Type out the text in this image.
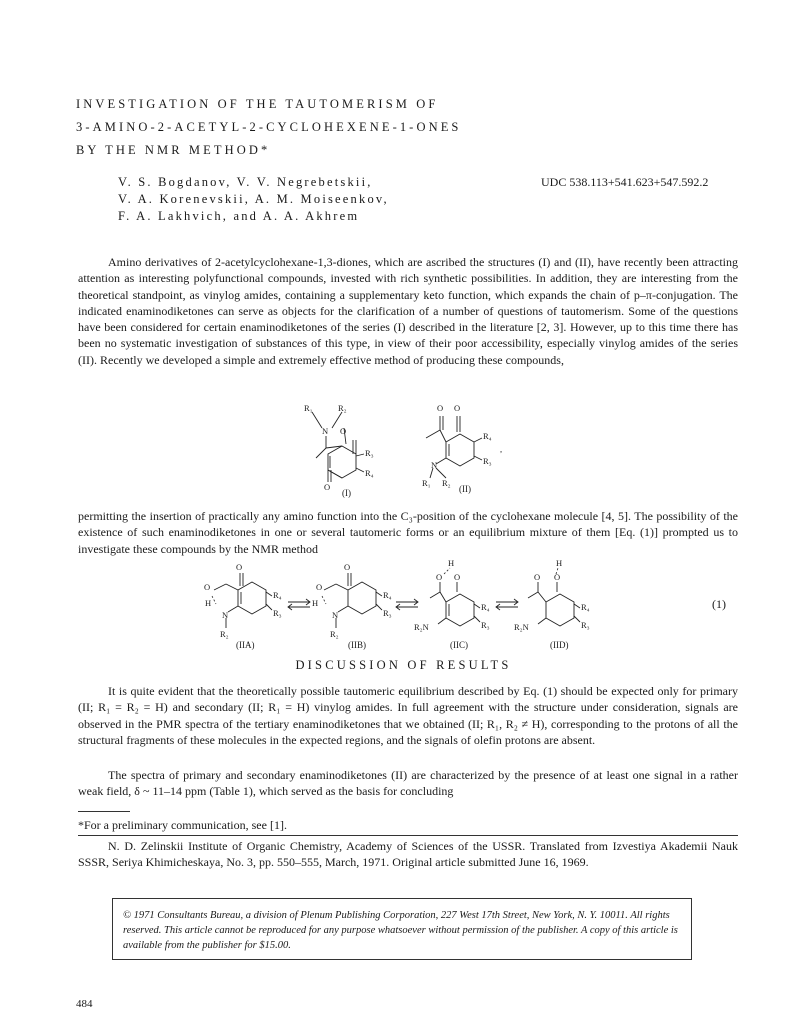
INVESTIGATION OF THE TAUTOMERISM OF
3-AMINO-2-ACETYL-2-CYCLOHEXENE-1-ONES
BY THE NMR METHOD*
V. S. Bogdanov, V. V. Negrebetskii,
V. A. Korenevskii, A. M. Moiseenkov,
F. A. Lakhvich, and A. A. Akhrem
UDC 538.113+541.623+547.592.2

Amino derivatives of 2-acetylcyclohexane-1,3-diones, which are ascribed the structures (I) and (II), have recently been attracting attention as interesting polyfunctional compounds, invested with rich synthetic possibilities. In addition, they are interesting from the theoretical standpoint, as vinylog amides, containing a supplementary keto function, which expands the chain of p–π-conjugation. The indicated enaminodiketones can serve as objects for the clarification of a number of questions of tautomerism. Some of the questions have been considered for certain enaminodiketones of the series (I) described in the literature [2, 3]. However, up to this time there has been no systematic investigation of substances of this type, in view of their poor accessibility, especially vinylog amides of the series (II). Recently we developed a simple and extremely effective method of producing these compounds,

R₁	R₂
N O
R₃
R₄
O
(I)
O O
R₄
R₃
N
R₁ R₂
,
(II)

permitting the insertion of practically any amino function into the C₃-position of the cyclohexane molecule [4, 5]. The possibility of the existence of such enaminodiketones in one or several tautomeric forms or an equilibrium mixture of them [Eq. (1)] prompted us to investigate these compounds by the NMR method

O
O
H
R₄
R₃
N
R₂
(IIA)
O
O
H
R₄
R₃
N
R₂
(IIB)
H
O O
R₄
R₃
R₂N
(IIC)
H
O O
R₄
R₃
R₂N
(IID)
(1)
DISCUSSION OF RESULTS

It is quite evident that the theoretically possible tautomeric equilibrium described by Eq. (1) should be expected only for primary (II; R₁ = R₂ = H) and secondary (II; R₁ = H) vinylog amides. In full agreement with the structure under consideration, signals are observed in the PMR spectra of the tertiary enaminodiketones that we obtained (II; R₁, R₂ ≠ H), corresponding to the protons of all the structural fragments of these molecules in the expected regions, and the signals of olefin protons are absent.

The spectra of primary and secondary enaminodiketones (II) are characterized by the presence of at least one signal in a rather weak field, δ ~ 11–14 ppm (Table 1), which served as the basis for concluding

*For a preliminary communication, see [1].

N. D. Zelinskii Institute of Organic Chemistry, Academy of Sciences of the USSR. Translated from Izvestiya Akademii Nauk SSSR, Seriya Khimicheskaya, No. 3, pp. 550–555, March, 1971. Original article submitted June 16, 1969.

© 1971 Consultants Bureau, a division of Plenum Publishing Corporation, 227 West 17th Street, New York, N. Y. 10011. All rights reserved. This article cannot be reproduced for any purpose whatsoever without permission of the publisher. A copy of this article is available from the publisher for $15.00.
484
